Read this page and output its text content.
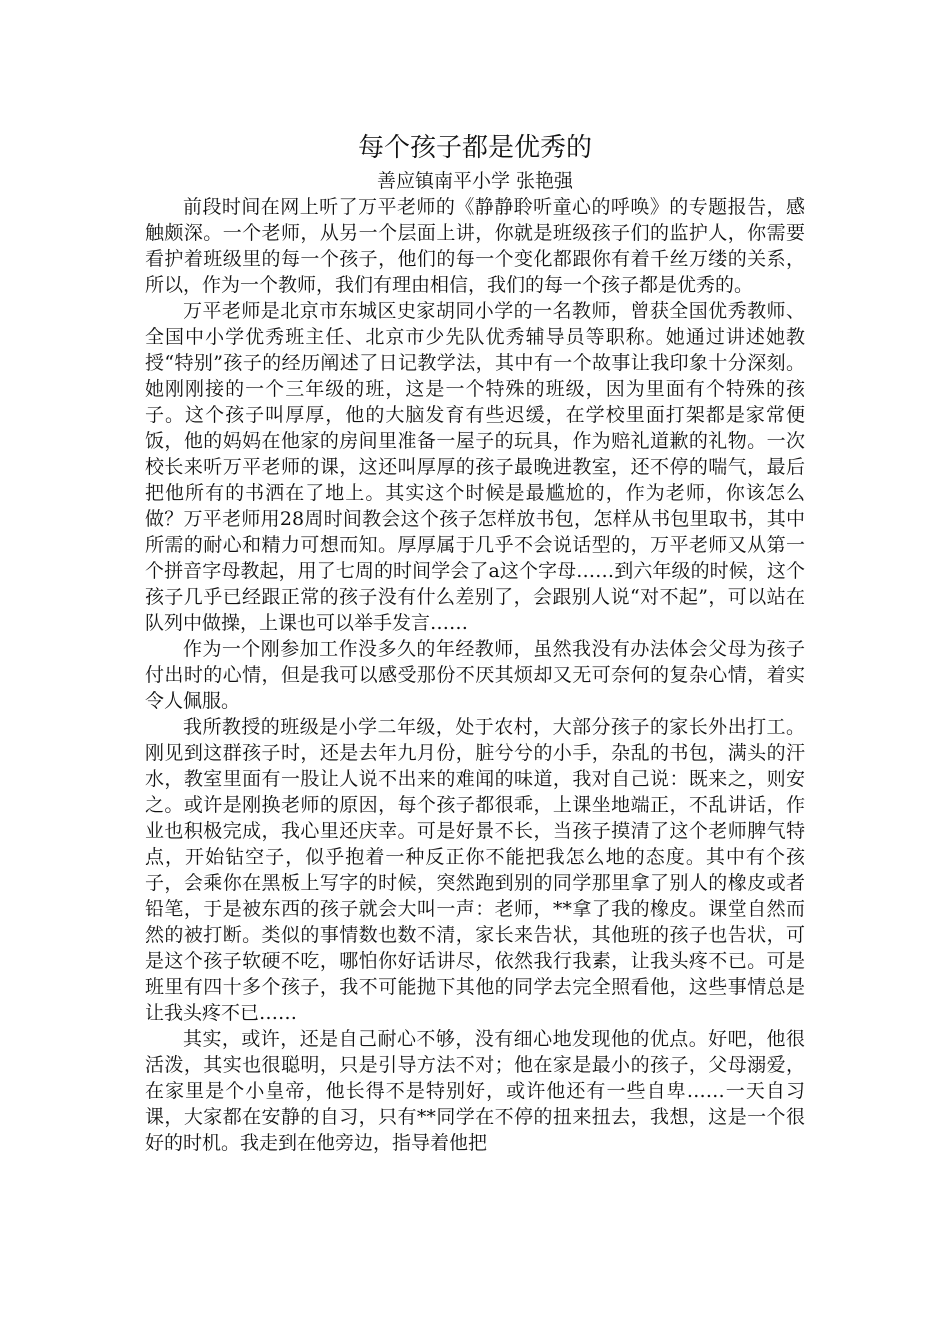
每个孩子都是优秀的

善应镇南平小学 张艳强

前段时间在网上听了万平老师的《静静聆听童心的呼唤》的专题报告，感触颇深。一个老师，从另一个层面上讲，你就是班级孩子们的监护人，你需要看护着班级里的每一个孩子，他们的每一个变化都跟你有着千丝万缕的关系，所以，作为一个教师，我们有理由相信，我们的每一个孩子都是优秀的。

万平老师是北京市东城区史家胡同小学的一名教师，曾获全国优秀教师、全国中小学优秀班主任、北京市少先队优秀辅导员等职称。她通过讲述她教授“特别”孩子的经历阐述了日记教学法，其中有一个故事让我印象十分深刻。她刚刚接的一个三年级的班，这是一个特殊的班级，因为里面有个特殊的孩子。这个孩子叫厚厚，他的大脑发育有些迟缓，在学校里面打架都是家常便饭，他的妈妈在他家的房间里准备一屋子的玩具，作为赔礼道歉的礼物。一次校长来听万平老师的课，这还叫厚厚的孩子最晚进教室，还不停的喘气，最后把他所有的书洒在了地上。其实这个时候是最尴尬的，作为老师，你该怎么做？万平老师用28周时间教会这个孩子怎样放书包，怎样从书包里取书，其中所需的耐心和精力可想而知。厚厚属于几乎不会说话型的，万平老师又从第一个拼音字母教起，用了七周的时间学会了a这个字母……到六年级的时候，这个孩子几乎已经跟正常的孩子没有什么差别了，会跟别人说“对不起”，可以站在队列中做操，上课也可以举手发言……

作为一个刚参加工作没多久的年经教师，虽然我没有办法体会父母为孩子付出时的心情，但是我可以感受那份不厌其烦却又无可奈何的复杂心情，着实令人佩服。

我所教授的班级是小学二年级，处于农村，大部分孩子的家长外出打工。刚见到这群孩子时，还是去年九月份，脏兮兮的小手，杂乱的书包，满头的汗水，教室里面有一股让人说不出来的难闻的味道，我对自己说：既来之，则安之。或许是刚换老师的原因，每个孩子都很乖，上课坐地端正，不乱讲话，作业也积极完成，我心里还庆幸。可是好景不长，当孩子摸清了这个老师脾气特点，开始钻空子，似乎抱着一种反正你不能把我怎么地的态度。其中有个孩子，会乘你在黑板上写字的时候，突然跑到别的同学那里拿了别人的橡皮或者铅笔，于是被东西的孩子就会大叫一声：老师，**拿了我的橡皮。课堂自然而然的被打断。类似的事情数也数不清，家长来告状，其他班的孩子也告状，可是这个孩子软硬不吃，哪怕你好话讲尽，依然我行我素，让我头疼不已。可是班里有四十多个孩子，我不可能抛下其他的同学去完全照看他，这些事情总是让我头疼不已……

其实，或许，还是自己耐心不够，没有细心地发现他的优点。好吧，他很活泼，其实也很聪明，只是引导方法不对；他在家是最小的孩子，父母溺爱，在家里是个小皇帝，他长得不是特别好，或许他还有一些自卑……一天自习课，大家都在安静的自习，只有**同学在不停的扭来扭去，我想，这是一个很好的时机。我走到在他旁边，指导着他把
